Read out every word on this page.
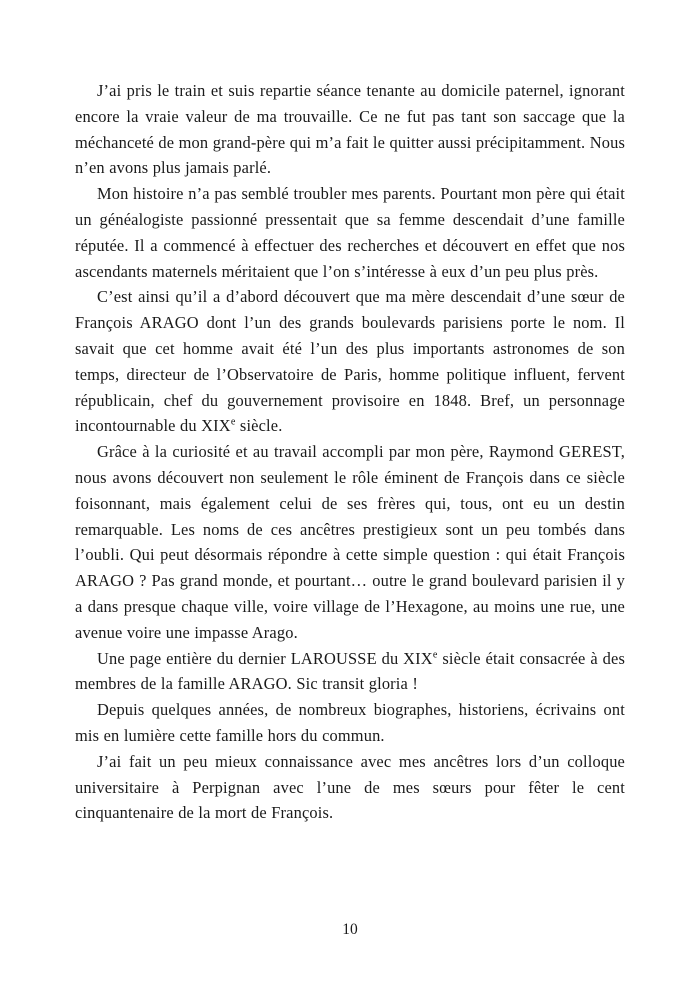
J’ai pris le train et suis repartie séance tenante au domicile paternel, ignorant encore la vraie valeur de ma trouvaille. Ce ne fut pas tant son saccage que la méchanceté de mon grand-père qui m’a fait le quitter aussi précipitamment. Nous n’en avons plus jamais parlé.

Mon histoire n’a pas semblé troubler mes parents. Pourtant mon père qui était un généalogiste passionné pressentait que sa femme descendait d’une famille réputée. Il a commencé à effectuer des recherches et découvert en effet que nos ascendants maternels méritaient que l’on s’intéresse à eux d’un peu plus près.

C’est ainsi qu’il a d’abord découvert que ma mère descendait d’une sœur de François ARAGO dont l’un des grands boulevards parisiens porte le nom. Il savait que cet homme avait été l’un des plus importants astronomes de son temps, directeur de l’Observatoire de Paris, homme politique influent, fervent républicain, chef du gouvernement provisoire en 1848. Bref, un personnage incontournable du XIXe siècle.

Grâce à la curiosité et au travail accompli par mon père, Raymond GEREST, nous avons découvert non seulement le rôle éminent de François dans ce siècle foisonnant, mais également celui de ses frères qui, tous, ont eu un destin remarquable. Les noms de ces ancêtres prestigieux sont un peu tombés dans l’oubli. Qui peut désormais répondre à cette simple question : qui était François ARAGO ? Pas grand monde, et pourtant… outre le grand boulevard parisien il y a dans presque chaque ville, voire village de l’Hexagone, au moins une rue, une avenue voire une impasse Arago.

Une page entière du dernier LAROUSSE du XIXe siècle était consacrée à des membres de la famille ARAGO. Sic transit gloria !

Depuis quelques années, de nombreux biographes, historiens, écrivains ont mis en lumière cette famille hors du commun.

J’ai fait un peu mieux connaissance avec mes ancêtres lors d’un colloque universitaire à Perpignan avec l’une de mes sœurs pour fêter le cent cinquantenaire de la mort de François.

10
